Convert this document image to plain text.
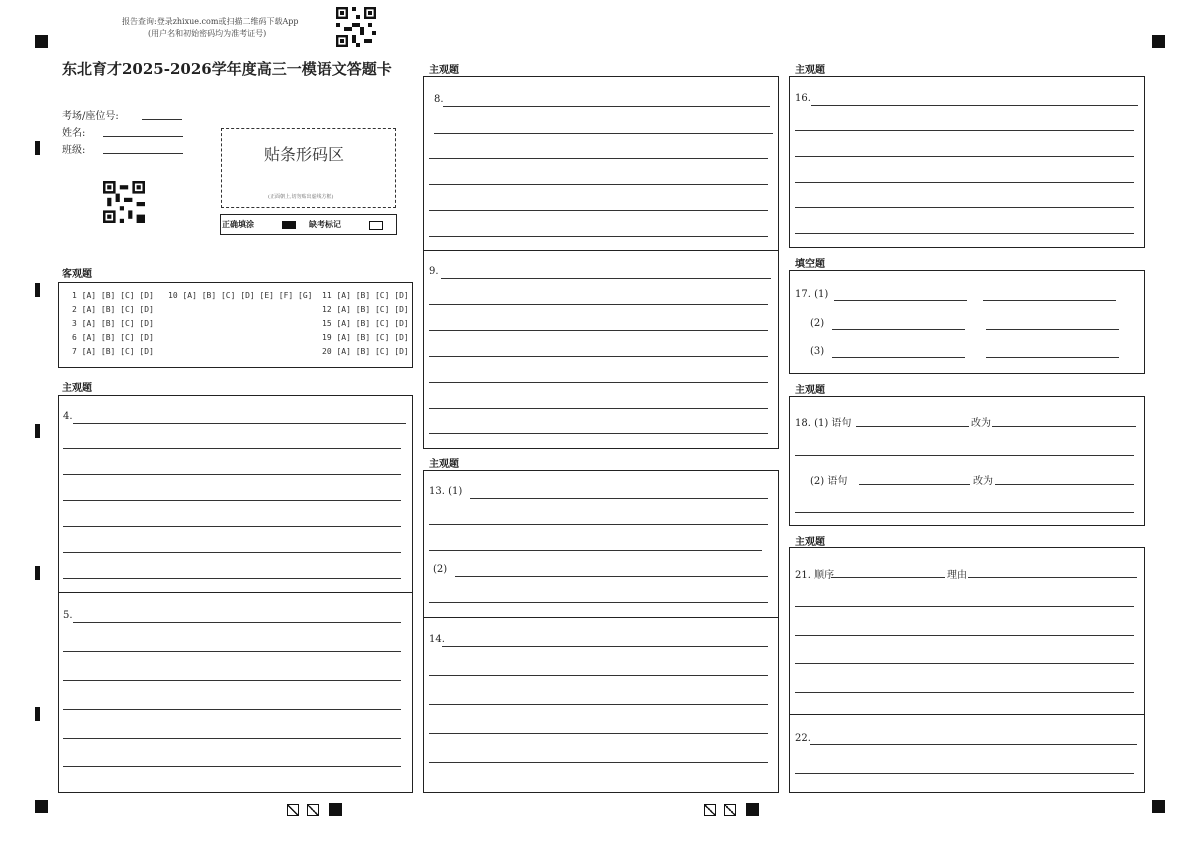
报告查询:登录zhixue.com或扫描二维码下载App
(用户名和初始密码均为准考证号)
东北育才2025-2026学年度高三一模语文答题卡
考场/座位号:
姓名:
班级:	贴条形码区
(正面朝上,切勿贴出虚线方框)
正确填涂	缺考标记
客观题
1 [A] [B] [C] [D] 10 [A] [B] [C] [D] [E] [F] [G] 11 [A] [B] [C] [D]
2 [A] [B] [C] [D]	12 [A] [B] [C] [D]
3 [A] [B] [C] [D]	15 [A] [B] [C] [D]
6 [A] [B] [C] [D]	19 [A] [B] [C] [D]
7 [A] [B] [C] [D]	20 [A] [B] [C] [D]
主观题
4.
5.
主观题
8.
9.
主观题
13. (1)
(2)
14.
主观题
16.
填空题
17. (1)
(2)
(3)
主观题
18. (1) 语句	改为
(2) 语句	改为
主观题
21. 顺序	理由
22.
